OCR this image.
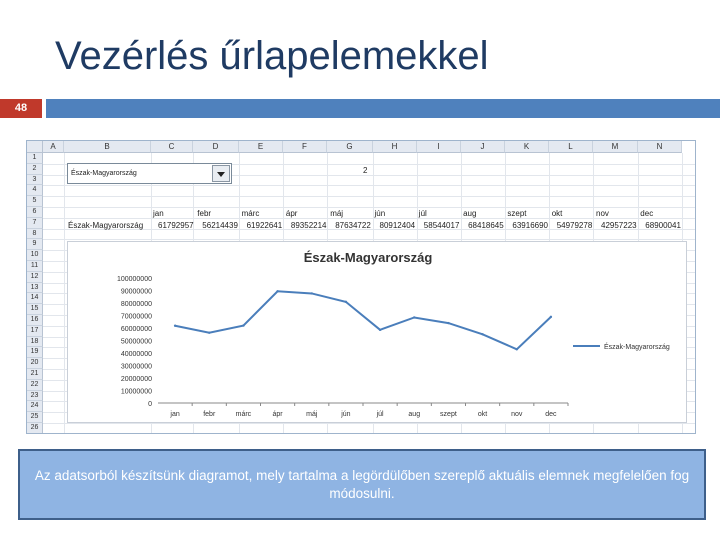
Vezérlés űrlapelemekkel
48
A	B	C	D	E	F	G	H	I	J	K	L	M	N
1
2
3
4
5
6
7
8
9
10
11
12
13
14
15
16
17
18
19
20
21
22
23
24
25
26
Észak-Magyarország	2
jan	febr	márc	ápr	máj	jún	júl	aug	szept	okt	nov	dec
Észak-Magyarország 61792957 56214439 61922641 89352214 87634722 80912404 58544017 68418645 63916690 54979278 42957223 68900041
Észak-Magyarország
100000000
90000000
80000000
70000000
60000000
50000000
40000000
30000000
20000000
10000000
0
jan	febr	márc	ápr	máj	jún	júl	aug	szept	okt	nov	dec
Észak-Magyarország
Az adatsorból készítsünk diagramot, mely tartalma a legördülőben szereplő aktuális elemnek megfelelően fog módosulni.
